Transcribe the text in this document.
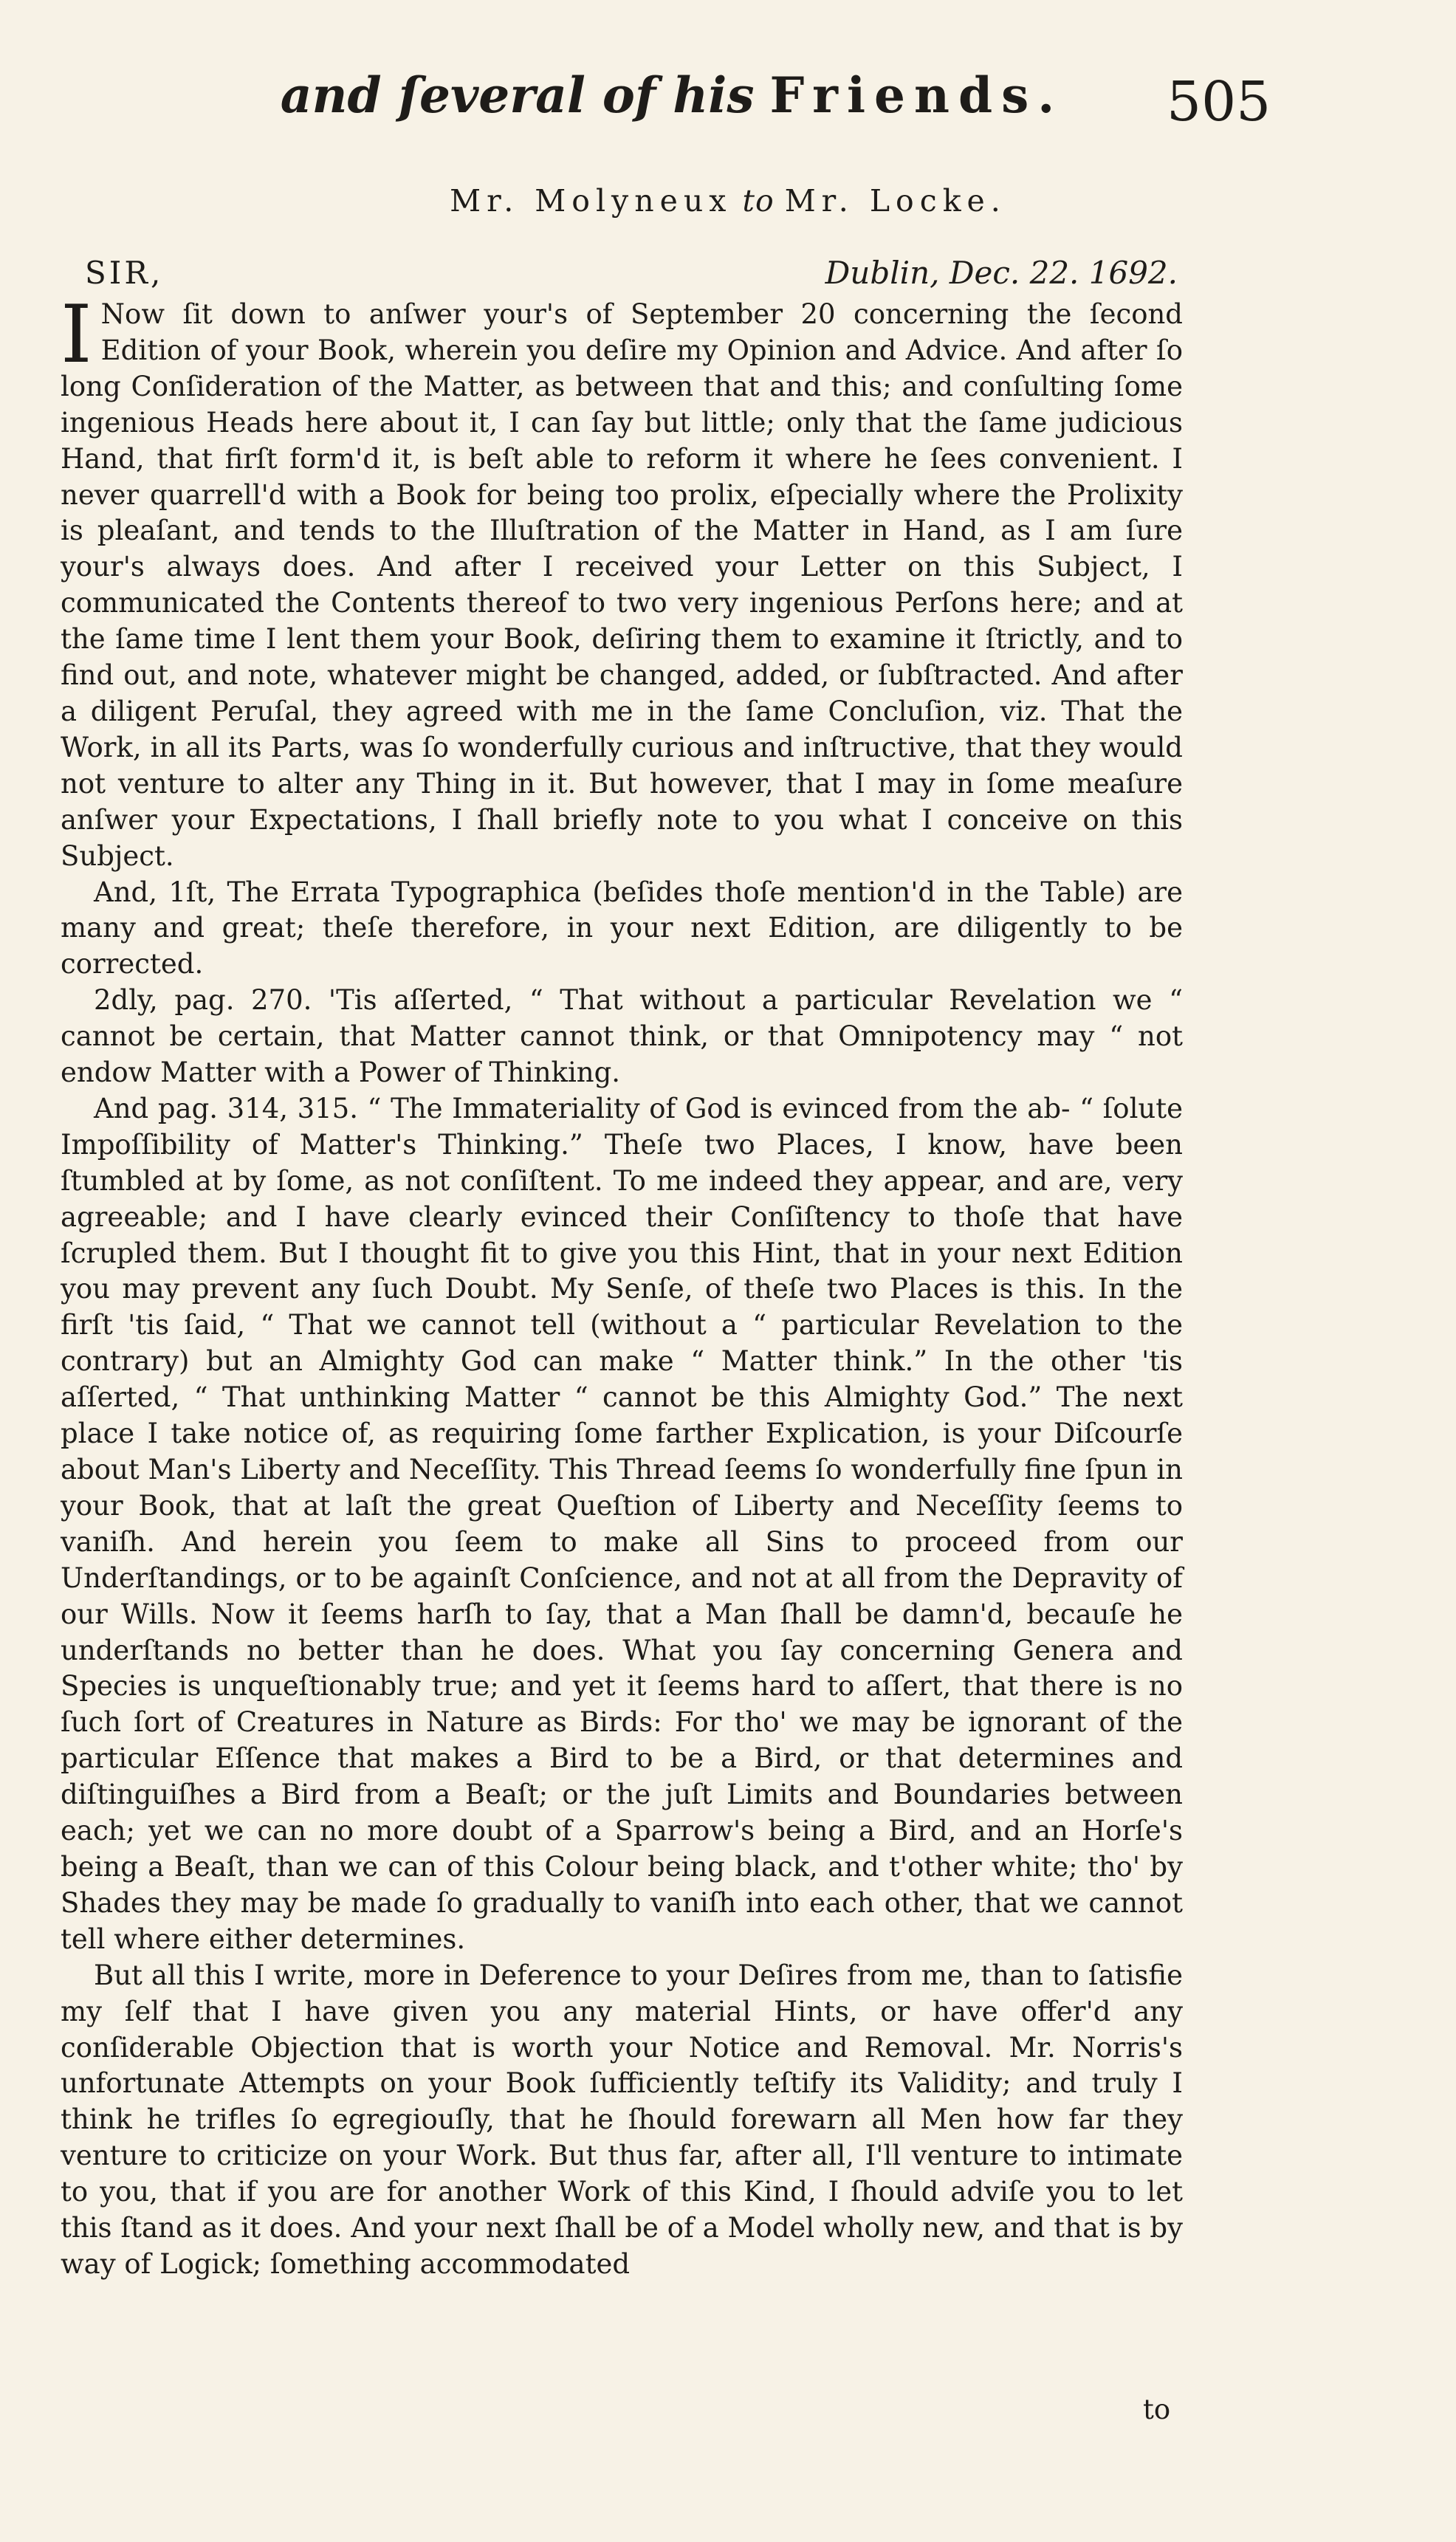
and ſeveral of his Friends. 505
Mr. Molyneux to Mr. Locke.
SIR,	Dublin, Dec. 22. 1692.

I Now ſit down to anſwer your's of September 20 concerning the ſecond Edition of your Book, wherein you deſire my Opinion and Advice. And after ſo long Conſideration of the Matter, as between that and this; and conſulting ſome ingenious Heads here about it, I can ſay but little; only that the ſame judicious Hand, that firſt form'd it, is beſt able to reform it where he ſees convenient. I never quarrell'd with a Book for being too prolix, eſpecially where the Prolixity is pleaſant, and tends to the Illuſtration of the Matter in Hand, as I am ſure your's always does. And after I received your Letter on this Subject, I communicated the Contents thereof to two very ingenious Perſons here; and at the ſame time I lent them your Book, deſiring them to examine it ſtrictly, and to find out, and note, whatever might be changed, added, or ſubſtracted. And after a diligent Peruſal, they agreed with me in the ſame Concluſion, viz. That the Work, in all its Parts, was ſo wonderfully curious and inſtructive, that they would not venture to alter any Thing in it. But however, that I may in ſome meaſure anſwer your Expectations, I ſhall briefly note to you what I conceive on this Subject.

And, 1ſt, The Errata Typographica (beſides thoſe mention'd in the Table) are many and great; theſe therefore, in your next Edition, are diligently to be corrected.

2dly, pag. 270. 'Tis aſſerted, “ That without a particular Revelation we “ cannot be certain, that Matter cannot think, or that Omnipotency may “ not endow Matter with a Power of Thinking.

And pag. 314, 315. “ The Immateriality of God is evinced from the ab- “ ſolute Impoſſibility of Matter's Thinking.” Theſe two Places, I know, have been ſtumbled at by ſome, as not conſiſtent. To me indeed they appear, and are, very agreeable; and I have clearly evinced their Conſiſtency to thoſe that have ſcrupled them. But I thought fit to give you this Hint, that in your next Edition you may prevent any ſuch Doubt. My Senſe, of theſe two Places is this. In the firſt 'tis ſaid, “ That we cannot tell (without a “ particular Revelation to the contrary) but an Almighty God can make “ Matter think.” In the other 'tis aſſerted, “ That unthinking Matter “ cannot be this Almighty God.” The next place I take notice of, as requiring ſome farther Explication, is your Diſcourſe about Man's Liberty and Neceſſity. This Thread ſeems ſo wonderfully fine ſpun in your Book, that at laſt the great Queſtion of Liberty and Neceſſity ſeems to vaniſh. And herein you ſeem to make all Sins to proceed from our Underſtandings, or to be againſt Conſcience, and not at all from the Depravity of our Wills. Now it ſeems harſh to ſay, that a Man ſhall be damn'd, becauſe he underſtands no better than he does. What you ſay concerning Genera and Species is unqueſtionably true; and yet it ſeems hard to aſſert, that there is no ſuch ſort of Creatures in Nature as Birds: For tho' we may be ignorant of the particular Eſſence that makes a Bird to be a Bird, or that determines and diſtinguiſhes a Bird from a Beaſt; or the juſt Limits and Boundaries between each; yet we can no more doubt of a Sparrow's being a Bird, and an Horſe's being a Beaſt, than we can of this Colour being black, and t'other white; tho' by Shades they may be made ſo gradually to vaniſh into each other, that we cannot tell where either determines.

But all this I write, more in Deference to your Deſires from me, than to ſatisfie my ſelf that I have given you any material Hints, or have offer'd any conſiderable Objection that is worth your Notice and Removal. Mr. Norris's unfortunate Attempts on your Book ſufficiently teſtify its Validity; and truly I think he trifles ſo egregiouſly, that he ſhould forewarn all Men how far they venture to criticize on your Work. But thus far, after all, I'll venture to intimate to you, that if you are for another Work of this Kind, I ſhould adviſe you to let this ſtand as it does. And your next ſhall be of a Model wholly new, and that is by way of Logick; ſomething accommodated

to
